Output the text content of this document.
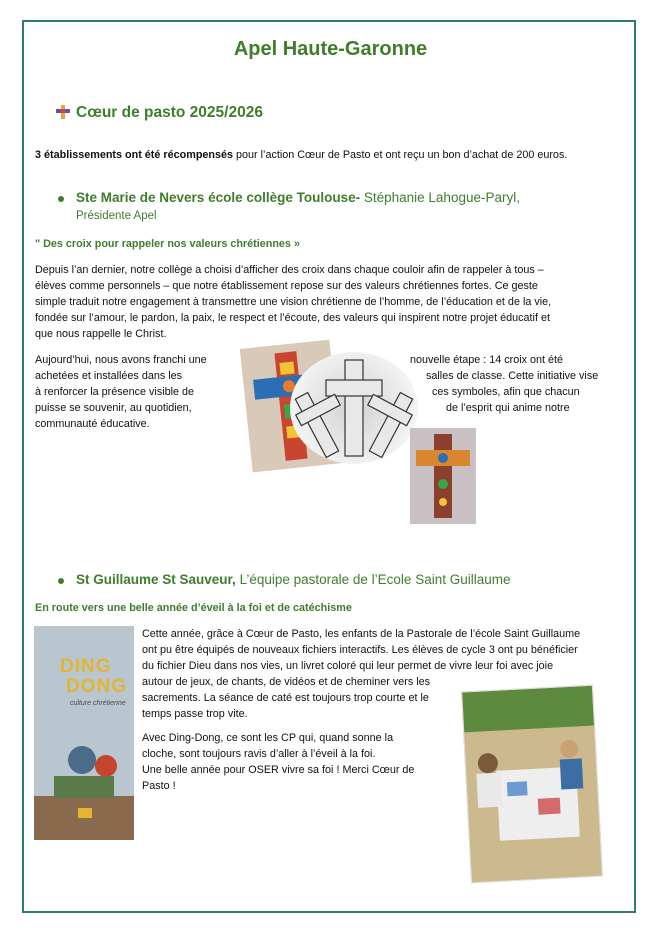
Apel Haute-Garonne
Cœur de pasto 2025/2026
3 établissements ont été récompensés pour l’action Cœur de Pasto et ont reçu un bon d’achat de 200 euros.
Ste Marie de Nevers école collège Toulouse- Stéphanie Lahogue-Paryl,
Présidente Apel
" Des croix pour rappeler nos valeurs chrétiennes »
Depuis l’an dernier, notre collège a choisi d’afficher des croix dans chaque couloir afin de rappeler à tous –
élèves comme personnels – que notre établissement repose sur des valeurs chrétiennes fortes. Ce geste
simple traduit notre engagement à transmettre une vision chrétienne de l’homme, de l’éducation et de la vie,
fondée sur l’amour, le pardon, la paix, le respect et l’écoute, des valeurs qui inspirent notre projet éducatif et
que nous rappelle le Christ.
Aujourd’hui, nous avons franchi une
achetées et installées dans les
à renforcer la présence visible de
puisse se souvenir, au quotidien,
communauté éducative.
nouvelle étape : 14 croix ont été
salles de classe. Cette initiative vise
ces symboles, afin que chacun
de l’esprit qui anime notre
St Guillaume St Sauveur, L’équipe pastorale de l’Ecole Saint Guillaume
En route vers une belle année d’éveil à la foi et de catéchisme
DING
DONG
culture chrétienne
Cette année, grâce à Cœur de Pasto, les enfants de la Pastorale de l’école Saint Guillaume
ont pu être équipés de nouveaux fichiers interactifs. Les élèves de cycle 3 ont pu bénéficier
du fichier Dieu dans nos vies, un livret coloré qui leur permet de vivre leur foi avec joie
autour de jeux, de chants, de vidéos et de cheminer vers les
sacrements. La séance de caté est toujours trop courte et le
temps passe trop vite.
Avec Ding-Dong, ce sont les CP qui, quand sonne la
cloche, sont toujours ravis d’aller à l’éveil à la foi.
Une belle année pour OSER vivre sa foi ! Merci Cœur de
Pasto !
